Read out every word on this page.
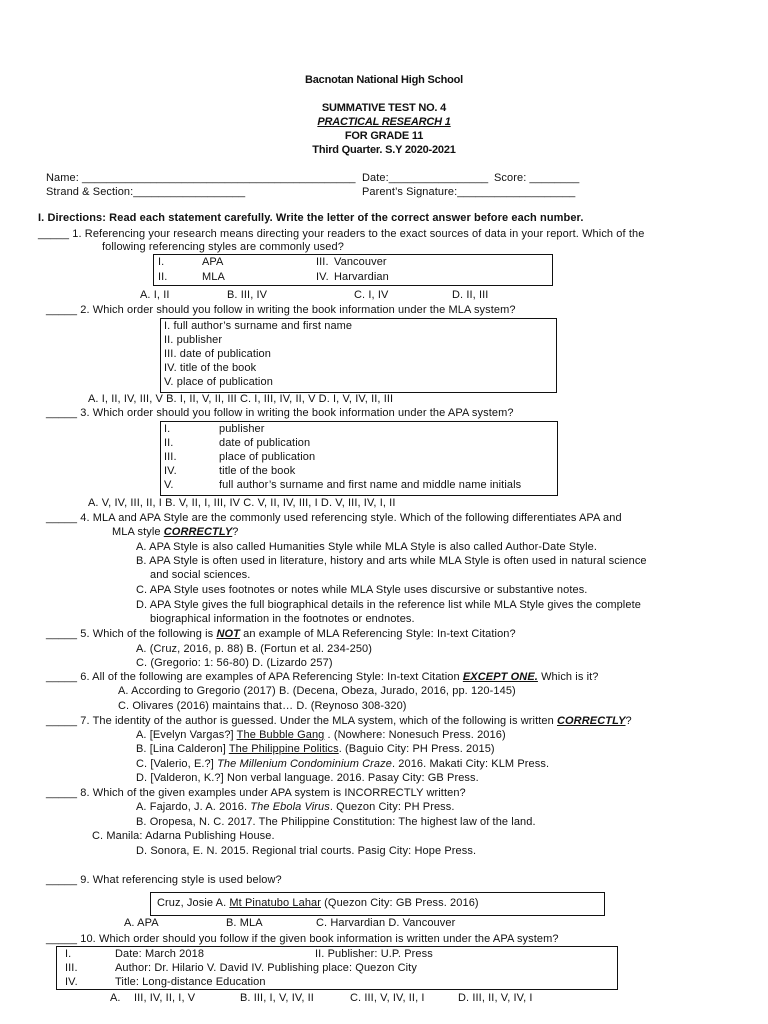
Bacnotan National High School
SUMMATIVE TEST NO. 4
PRACTICAL RESEARCH 1
FOR GRADE 11
Third Quarter. S.Y 2020-2021
Name: ____________________________________________ Date:________________ Score: ________
Strand & Section:__________________	Parent’s Signature:___________________
I. Directions: Read each statement carefully. Write the letter of the correct answer before each number.
_____ 1. Referencing your research means directing your readers to the exact sources of data in your report. Which of the
following referencing styles are commonly used?
I.	APA	III. Vancouver
II.	MLA	IV. Harvardian
A. I, II	B. III, IV	C. I, IV	D. II, III
_____ 2. Which order should you follow in writing the book information under the MLA system?
I. full author’s surname and first name
II. publisher
III. date of publication
IV. title of the book
V. place of publication
A. I, II, IV, III, V B. I, II, V, II, III C. I, III, IV, II, V D. I, V, IV, II, III
_____ 3. Which order should you follow in writing the book information under the APA system?
I.	publisher
II.	date of publication
III.	place of publication
IV.	title of the book
V.	full author’s surname and first name and middle name initials
A. V, IV, III, II, I B. V, II, I, III, IV C. V, II, IV, III, I D. V, III, IV, I, II
_____ 4. MLA and APA Style are the commonly used referencing style. Which of the following differentiates APA and
MLA style CORRECTLY?
A. APA Style is also called Humanities Style while MLA Style is also called Author-Date Style.
B. APA Style is often used in literature, history and arts while MLA Style is often used in natural science
and social sciences.
C. APA Style uses footnotes or notes while MLA Style uses discursive or substantive notes.
D. APA Style gives the full biographical details in the reference list while MLA Style gives the complete
biographical information in the footnotes or endnotes.
_____ 5. Which of the following is NOT an example of MLA Referencing Style: In-text Citation?
A. (Cruz, 2016, p. 88) B. (Fortun et al. 234-250)
C. (Gregorio: 1: 56-80) D. (Lizardo 257)
_____ 6. All of the following are examples of APA Referencing Style: In-text Citation EXCEPT ONE. Which is it?
A. According to Gregorio (2017) B. (Decena, Obeza, Jurado, 2016, pp. 120-145)
C. Olivares (2016) maintains that… D. (Reynoso 308-320)
_____ 7. The identity of the author is guessed. Under the MLA system, which of the following is written CORRECTLY?
A. [Evelyn Vargas?] The Bubble Gang . (Nowhere: Nonesuch Press. 2016)
B. [Lina Calderon] The Philippine Politics. (Baguio City: PH Press. 2015)
C. [Valerio, E.?] The Millenium Condominium Craze. 2016. Makati City: KLM Press.
D. [Valderon, K.?] Non verbal language. 2016. Pasay City: GB Press.
_____ 8. Which of the given examples under APA system is INCORRECTLY written?
A. Fajardo, J. A. 2016. The Ebola Virus. Quezon City: PH Press.
B. Oropesa, N. C. 2017. The Philippine Constitution: The highest law of the land.
C. Manila: Adarna Publishing House.
D. Sonora, E. N. 2015. Regional trial courts. Pasig City: Hope Press.
_____ 9. What referencing style is used below?
Cruz, Josie A. Mt Pinatubo Lahar (Quezon City: GB Press. 2016)
A. APA	B. MLA	C. Harvardian D. Vancouver
_____ 10. Which order should you follow if the given book information is written under the APA system?
I.	Date: March 2018	II. Publisher: U.P. Press
III.	Author: Dr. Hilario V. David IV. Publishing place: Quezon City
IV.	Title: Long-distance Education
A. III, IV, II, I, V	B. III, I, V, IV, II	C. III, V, IV, II, I	D. III, II, V, IV, I
